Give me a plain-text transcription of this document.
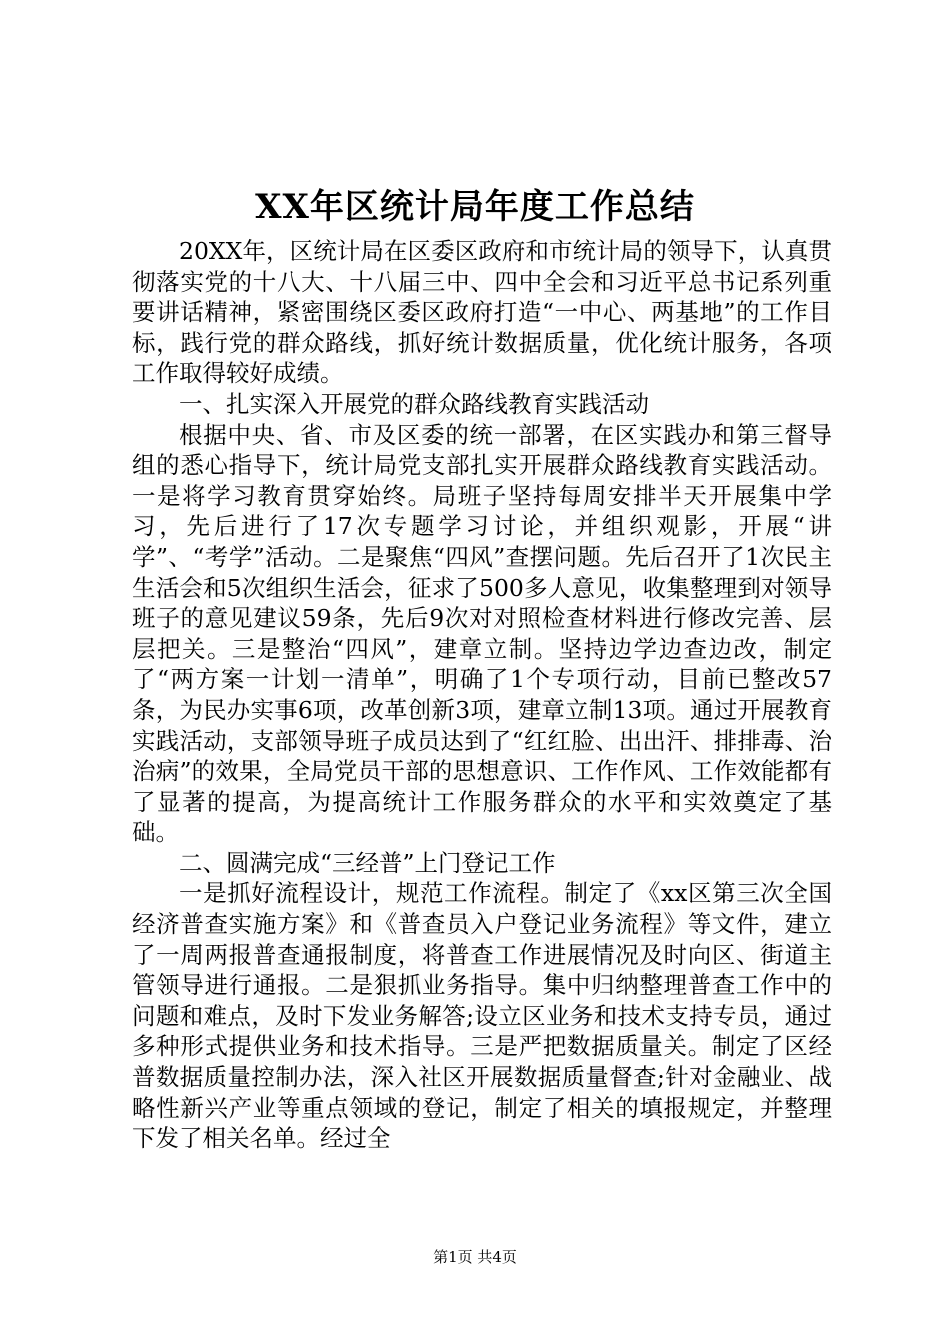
XX年区统计局年度工作总结

20XX年，区统计局在区委区政府和市统计局的领导下，认真贯彻落实党的十八大、十八届三中、四中全会和习近平总书记系列重要讲话精神，紧密围绕区委区政府打造“一中心、两基地”的工作目标，践行党的群众路线，抓好统计数据质量，优化统计服务，各项工作取得较好成绩。

一、扎实深入开展党的群众路线教育实践活动

根据中央、省、市及区委的统一部署，在区实践办和第三督导组的悉心指导下，统计局党支部扎实开展群众路线教育实践活动。一是将学习教育贯穿始终。局班子坚持每周安排半天开展集中学习，先后进行了17次专题学习讨论，并组织观影，开展“讲学”、“考学”活动。二是聚焦“四风”查摆问题。先后召开了1次民主生活会和5次组织生活会，征求了500多人意见，收集整理到对领导班子的意见建议59条，先后9次对对照检查材料进行修改完善、层层把关。三是整治“四风”，建章立制。坚持边学边查边改，制定了“两方案一计划一清单”，明确了1个专项行动，目前已整改57条，为民办实事6项，改革创新3项，建章立制13项。通过开展教育实践活动，支部领导班子成员达到了“红红脸、出出汗、排排毒、治治病”的效果，全局党员干部的思想意识、工作作风、工作效能都有了显著的提高，为提高统计工作服务群众的水平和实效奠定了基础。

二、圆满完成“三经普”上门登记工作

一是抓好流程设计，规范工作流程。制定了《xx区第三次全国经济普查实施方案》和《普查员入户登记业务流程》等文件，建立了一周两报普查通报制度，将普查工作进展情况及时向区、街道主管领导进行通报。二是狠抓业务指导。集中归纳整理普查工作中的问题和难点，及时下发业务解答;设立区业务和技术支持专员，通过多种形式提供业务和技术指导。三是严把数据质量关。制定了区经普数据质量控制办法，深入社区开展数据质量督查;针对金融业、战略性新兴产业等重点领域的登记，制定了相关的填报规定，并整理下发了相关名单。经过全

第1页 共4页
